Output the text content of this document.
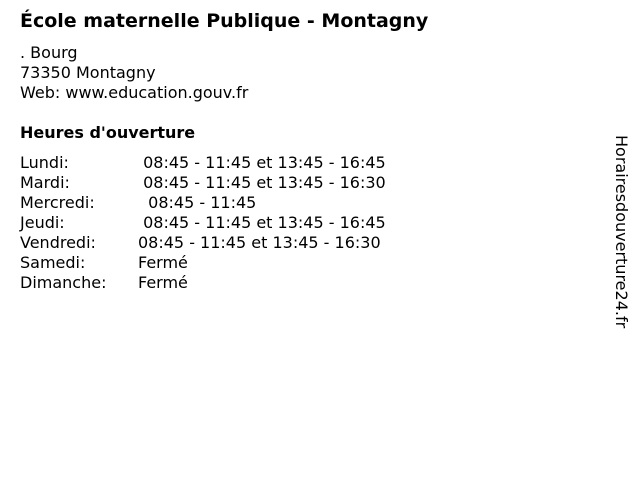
École maternelle Publique - Montagny
. Bourg
73350 Montagny
Web: www.education.gouv.fr
Heures d'ouverture
Lundi:	08:45 - 11:45 et 13:45 - 16:45
Mardi:	08:45 - 11:45 et 13:45 - 16:30
Mercredi:	08:45 - 11:45
Jeudi:	08:45 - 11:45 et 13:45 - 16:45
Vendredi:	08:45 - 11:45 et 13:45 - 16:30
Samedi:	Fermé
Dimanche:	Fermé	Horairesdouverture24.fr
